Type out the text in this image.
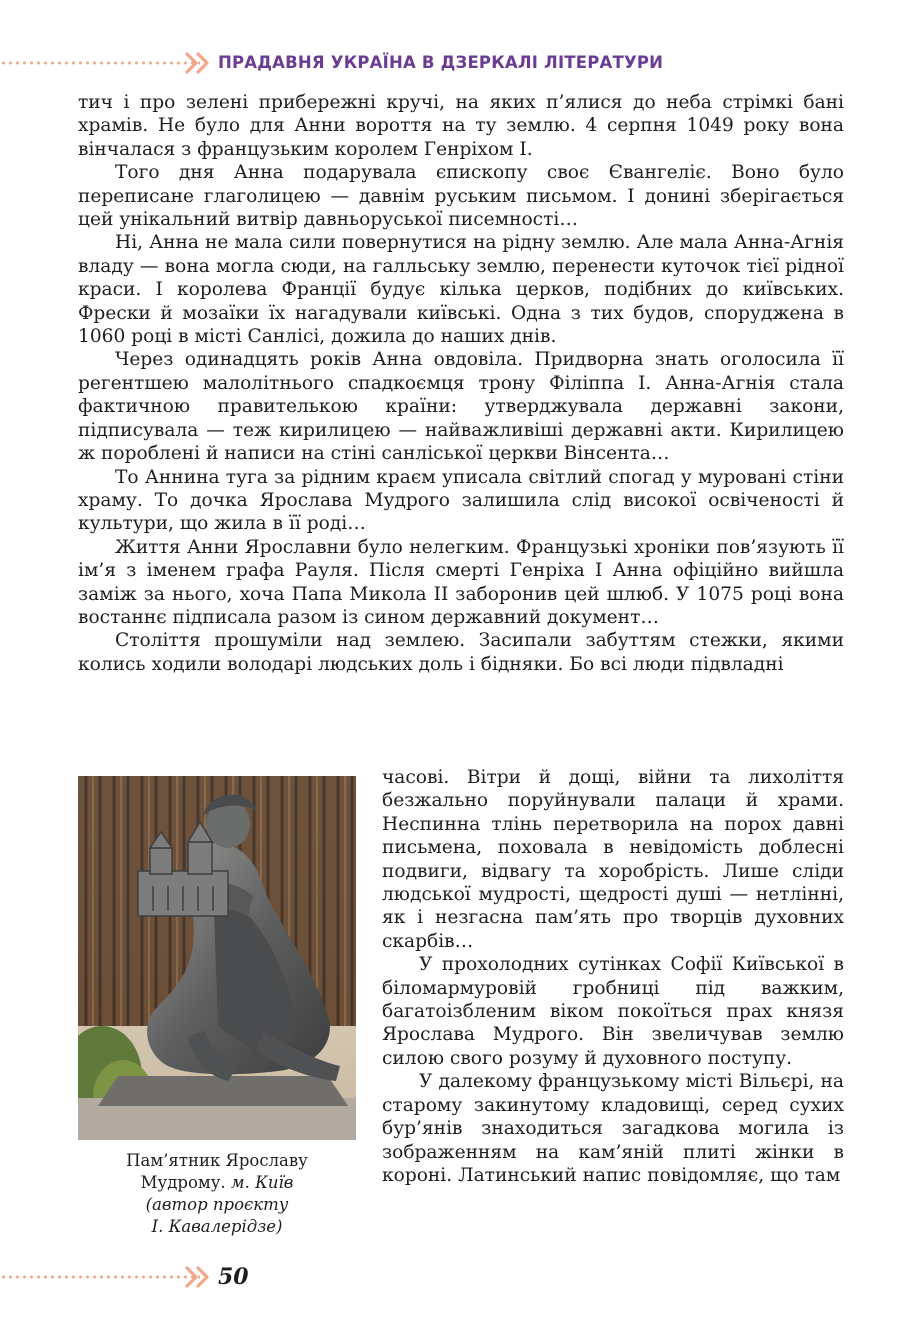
ПРАДАВНЯ УКРАЇНА В ДЗЕРКАЛІ ЛІТЕРАТУРИ

тич і про зелені прибережні кручі, на яких п’ялися до неба стрімкі бані храмів. Не було для Анни вороття на ту землю. 4 серпня 1049 року вона вінчалася з французьким королем Генріхом І.

Того дня Анна подарувала єпископу своє Євангеліє. Воно було переписане глаголицею — давнім руським письмом. І донині зберігається цей унікальний витвір давньоруської писемності…

Ні, Анна не мала сили повернутися на рідну землю. Але мала Анна-Агнія владу — вона могла сюди, на галльську землю, перенести куточок тієї рідної краси. І королева Франції будує кілька церков, подібних до київських. Фрески й мозаїки їх нагадували київські. Одна з тих будов, споруджена в 1060 році в місті Санлісі, дожила до наших днів.

Через одинадцять років Анна овдовіла. Придворна знать оголосила її регентшею малолітнього спадкоємця трону Філіппа І. Анна-Агнія стала фактичною правителькою країни: утверджувала державні закони, підписувала — теж кирилицею — найважливіші державні акти. Кирилицею ж пороблені й написи на стіні санліської церкви Вінсента…

То Аннина туга за рідним краєм уписала світлий спогад у муровані стіни храму. То дочка Ярослава Мудрого залишила слід високої освіченості й культури, що жила в її роді…

Життя Анни Ярославни було нелегким. Французькі хроніки пов’язують її ім’я з іменем графа Рауля. Після смерті Генріха І Анна офіційно вийшла заміж за нього, хоча Папа Микола ІІ заборонив цей шлюб. У 1075 році вона востаннє підписала разом із сином державний документ…

Століття прошуміли над землею. Засипали забуттям стежки, якими колись ходили володарі людських доль і бідняки. Бо всі люди підвладні

Пам’ятник Ярославу
Мудрому. м. Київ
(автор проєкту
І. Кавалерідзе)

часові. Вітри й дощі, війни та лихоліття безжально поруйнували палаци й храми. Неспинна тлінь перетворила на порох давні письмена, поховала в невідомість доблесні подвиги, відвагу та хоробрість. Лише сліди людської мудрості, щедрості душі — нетлінні, як і незгасна пам’ять про творців духовних скарбів…

У прохолодних сутінках Софії Київської в біломармуровій гробниці під важким, багатоізбленим віком покоїться прах князя Ярослава Мудрого. Він звеличував землю силою свого розуму й духовного поступу.

У далекому французькому місті Вільєрі, на старому закинутому кладовищі, серед сухих бур’янів знаходиться загадкова могила із зображенням на кам’яній плиті жінки в короні. Латинський напис повідомляє, що там

50
